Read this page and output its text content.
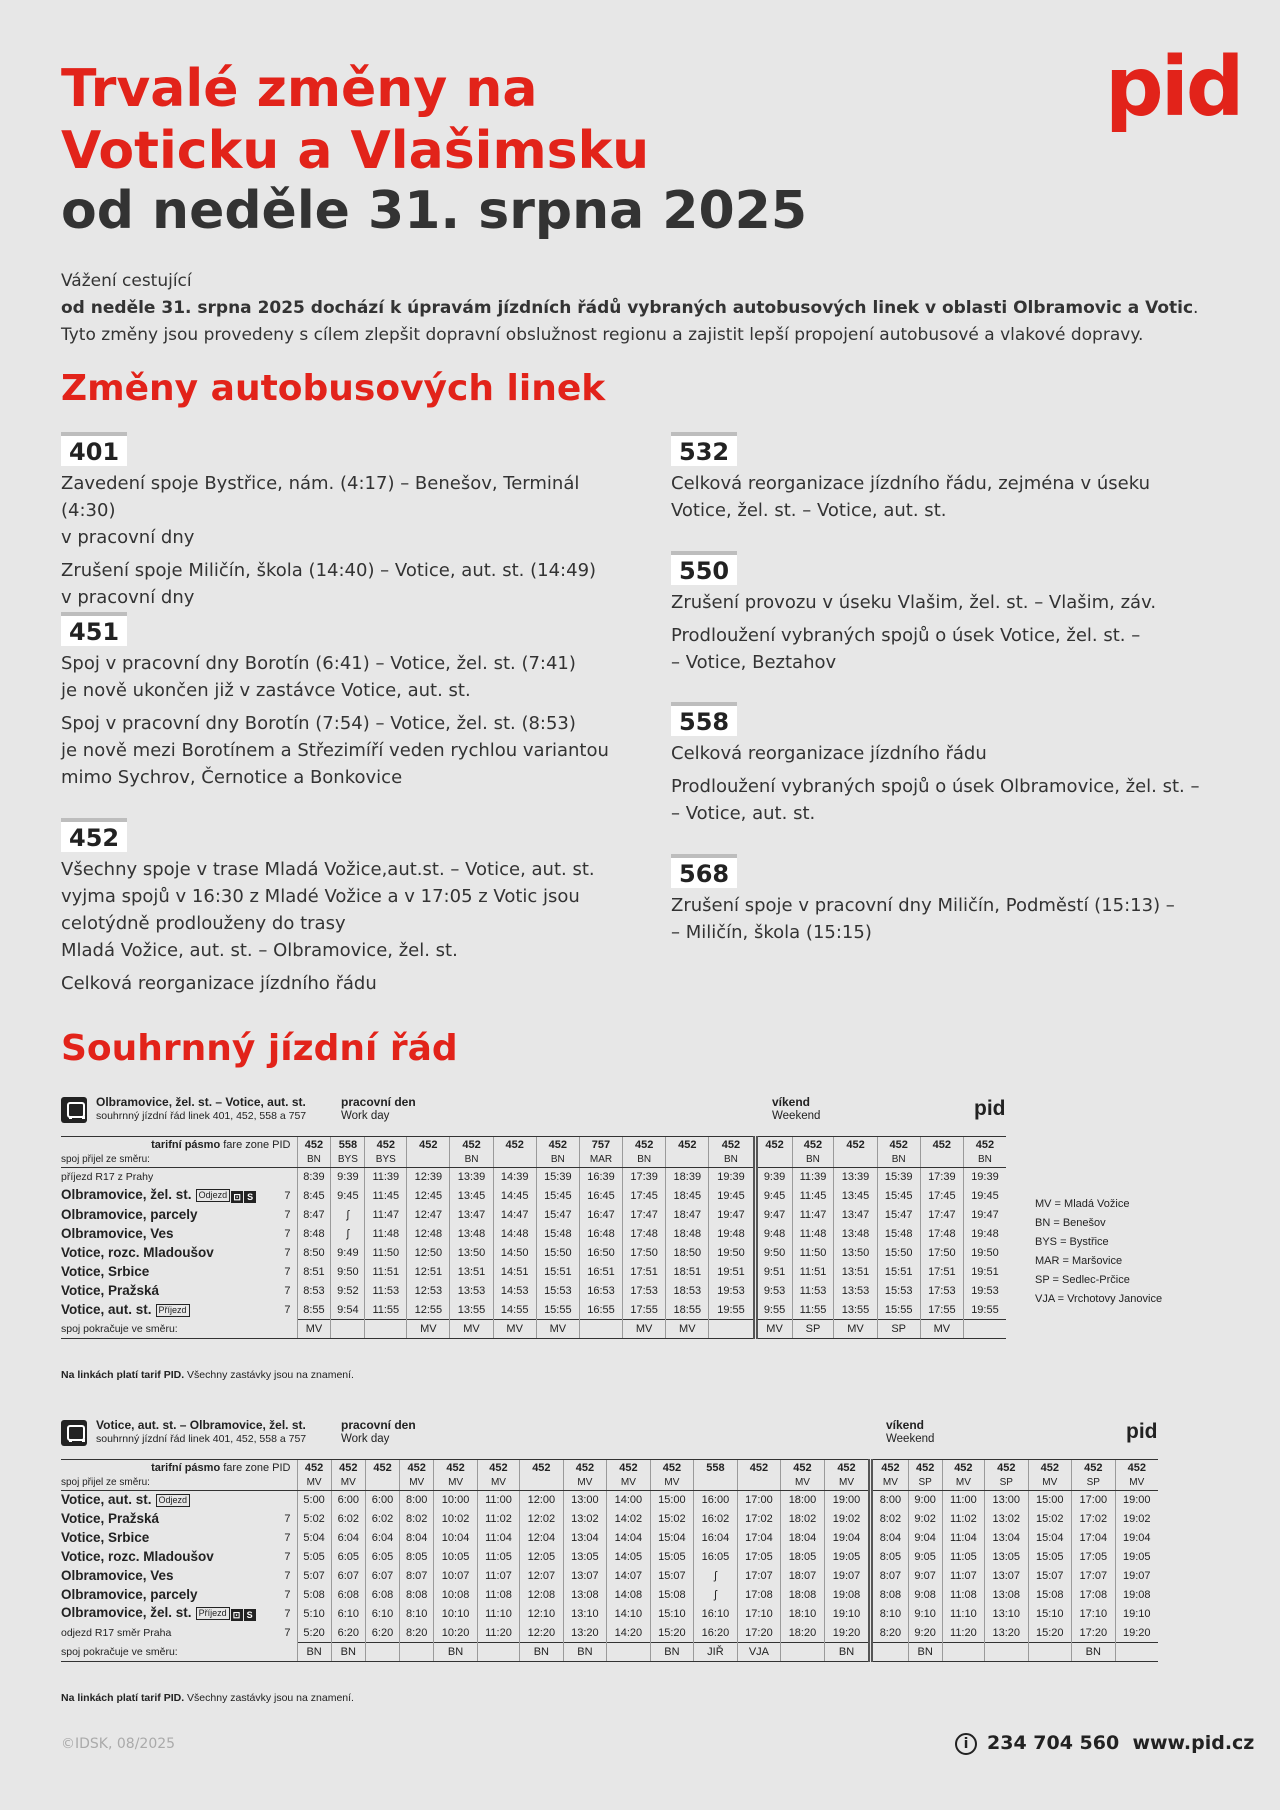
Trvalé změny na
Voticku a Vlašimsku
od neděle 31. srpna 2025
pid
Vážení cestující
od neděle 31. srpna 2025 dochází k úpravám jízdních řádů vybraných autobusových linek v oblasti Olbramovic a Votic. Tyto změny jsou provedeny s cílem zlepšit dopravní obslužnost regionu a zajistit lepší propojení autobusové a vlakové dopravy.
Změny autobusových linek
401

Zavedení spoje Bystřice, nám. (4:17) – Benešov, Terminál (4:30)
v pracovní dny

Zrušení spoje Miličín, škola (14:40) – Votice, aut. st. (14:49)
v pracovní dny

451

Spoj v pracovní dny Borotín (6:41) – Votice, žel. st. (7:41)
je nově ukončen již v zastávce Votice, aut. st.

Spoj v pracovní dny Borotín (7:54) – Votice, žel. st. (8:53)
je nově mezi Borotínem a Střezimíří veden rychlou variantou
mimo Sychrov, Černotice a Bonkovice

452

Všechny spoje v trase Mladá Vožice,aut.st. – Votice, aut. st.
vyjma spojů v 16:30 z Mladé Vožice a v 17:05 z Votic jsou
celotýdně prodlouženy do trasy
Mladá Vožice, aut. st. – Olbramovice, žel. st.

Celková reorganizace jízdního řádu

532

Celková reorganizace jízdního řádu, zejména v úseku
Votice, žel. st. – Votice, aut. st.

550

Zrušení provozu v úseku Vlašim, žel. st. – Vlašim, záv.

Prodloužení vybraných spojů o úsek Votice, žel. st. –
– Votice, Beztahov

558

Celková reorganizace jízdního řádu

Prodloužení vybraných spojů o úsek Olbramovice, žel. st. –
– Votice, aut. st.

568

Zrušení spoje v pracovní dny Miličín, Podměstí (15:13) –
– Miličín, škola (15:15)

Souhrnný jízdní řád
Olbramovice, žel. st. – Votice, aut. st.
souhrnný jízdní řád linek 401, 452, 558 a 757
pracovní den
Work day
víkend
Weekend	pid
tarifní pásmo fare zone PID		452	558	452	452	452	452	452	757	452	452	452	452	452	452	452	452	452
spoj přijel ze směru:		BN	BYS	BYS		BN		BN	MAR	BN		BN		BN		BN		BN
příjezd R17 z Prahy		8:39	9:39	11:39	12:39	13:39	14:39	15:39	16:39	17:39	18:39	19:39	9:39	11:39	13:39	15:39	17:39	19:39
Olbramovice, žel. st. Odjezd ⊡ S	7	8:45	9:45	11:45	12:45	13:45	14:45	15:45	16:45	17:45	18:45	19:45	9:45	11:45	13:45	15:45	17:45	19:45
Olbramovice, parcely	7	8:47	ʃ	11:47	12:47	13:47	14:47	15:47	16:47	17:47	18:47	19:47	9:47	11:47	13:47	15:47	17:47	19:47
Olbramovice, Ves	7	8:48	ʃ	11:48	12:48	13:48	14:48	15:48	16:48	17:48	18:48	19:48	9:48	11:48	13:48	15:48	17:48	19:48
Votice, rozc. Mladoušov	7	8:50	9:49	11:50	12:50	13:50	14:50	15:50	16:50	17:50	18:50	19:50	9:50	11:50	13:50	15:50	17:50	19:50
Votice, Srbice	7	8:51	9:50	11:51	12:51	13:51	14:51	15:51	16:51	17:51	18:51	19:51	9:51	11:51	13:51	15:51	17:51	19:51
Votice, Pražská	7	8:53	9:52	11:53	12:53	13:53	14:53	15:53	16:53	17:53	18:53	19:53	9:53	11:53	13:53	15:53	17:53	19:53
Votice, aut. st. Příjezd	7	8:55	9:54	11:55	12:55	13:55	14:55	15:55	16:55	17:55	18:55	19:55	9:55	11:55	13:55	15:55	17:55	19:55
spoj pokračuje ve směru:		MV			MV	MV	MV	MV		MV	MV		MV	SP	MV	SP	MV	
Na linkách platí tarif PID. Všechny zastávky jsou na znamení.
MV = Mladá Vožice
BN = Benešov
BYS = Bystřice
MAR = Maršovice
SP = Sedlec-Prčice
VJA = Vrchotovy Janovice
Votice, aut. st. – Olbramovice, žel. st.
souhrnný jízdní řád linek 401, 452, 558 a 757
pracovní den
Work day
víkend
Weekend	pid
tarifní pásmo fare zone PID		452	452	452	452	452	452	452	452	452	452	558	452	452	452	452	452	452	452	452	452	452
spoj přijel ze směru:		MV	MV		MV	MV	MV		MV	MV	MV			MV	MV	MV	SP	MV	SP	MV	SP	MV
Votice, aut. st. Odjezd		5:00	6:00	6:00	8:00	10:00	11:00	12:00	13:00	14:00	15:00	16:00	17:00	18:00	19:00	8:00	9:00	11:00	13:00	15:00	17:00	19:00
Votice, Pražská	7	5:02	6:02	6:02	8:02	10:02	11:02	12:02	13:02	14:02	15:02	16:02	17:02	18:02	19:02	8:02	9:02	11:02	13:02	15:02	17:02	19:02
Votice, Srbice	7	5:04	6:04	6:04	8:04	10:04	11:04	12:04	13:04	14:04	15:04	16:04	17:04	18:04	19:04	8:04	9:04	11:04	13:04	15:04	17:04	19:04
Votice, rozc. Mladoušov	7	5:05	6:05	6:05	8:05	10:05	11:05	12:05	13:05	14:05	15:05	16:05	17:05	18:05	19:05	8:05	9:05	11:05	13:05	15:05	17:05	19:05
Olbramovice, Ves	7	5:07	6:07	6:07	8:07	10:07	11:07	12:07	13:07	14:07	15:07	ʃ	17:07	18:07	19:07	8:07	9:07	11:07	13:07	15:07	17:07	19:07
Olbramovice, parcely	7	5:08	6:08	6:08	8:08	10:08	11:08	12:08	13:08	14:08	15:08	ʃ	17:08	18:08	19:08	8:08	9:08	11:08	13:08	15:08	17:08	19:08
Olbramovice, žel. st. Příjezd ⊡ S	7	5:10	6:10	6:10	8:10	10:10	11:10	12:10	13:10	14:10	15:10	16:10	17:10	18:10	19:10	8:10	9:10	11:10	13:10	15:10	17:10	19:10
odjezd R17 směr Praha	7	5:20	6:20	6:20	8:20	10:20	11:20	12:20	13:20	14:20	15:20	16:20	17:20	18:20	19:20	8:20	9:20	11:20	13:20	15:20	17:20	19:20
spoj pokračuje ve směru:		BN	BN			BN		BN	BN		BN	JIŘ	VJA		BN		BN				BN	
Na linkách platí tarif PID. Všechny zastávky jsou na znamení.
©IDSK, 08/2025	i 234 704 560 www.pid.cz
